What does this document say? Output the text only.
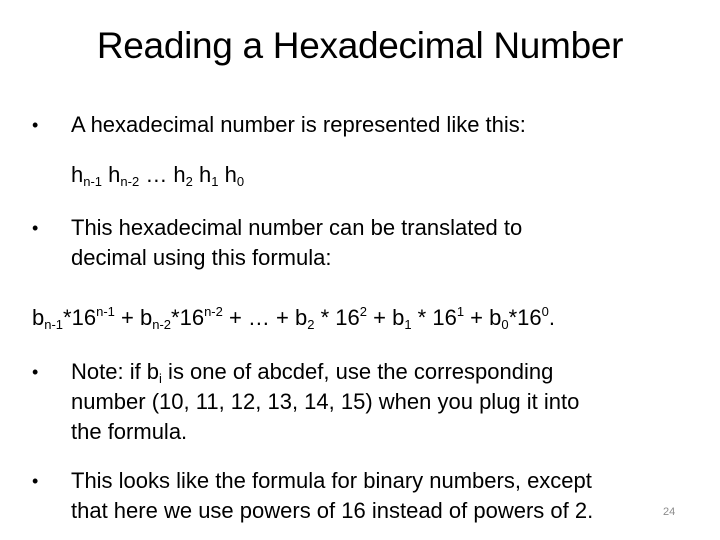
Reading a Hexadecimal Number
•	A hexadecimal number is represented like this:
$h_{n-1}$ $h_{n-2}$ … $h_2$ $h_1$ $h_0$
•	This hexadecimal number can be translated to
decimal using this formula:
$b_{n-1}*16^{n-1} + b_{n-2}*16^{n-2}$ + … + $b_2 * 16^2 + b_1 * 16^1 + b_0*16^0$.
•	Note: if $b_i$ is one of abcdef, use the corresponding
number (10, 11, 12, 13, 14, 15) when you plug it into
the formula.
•	This looks like the formula for binary numbers, except
that here we use powers of 16 instead of powers of 2.	24
